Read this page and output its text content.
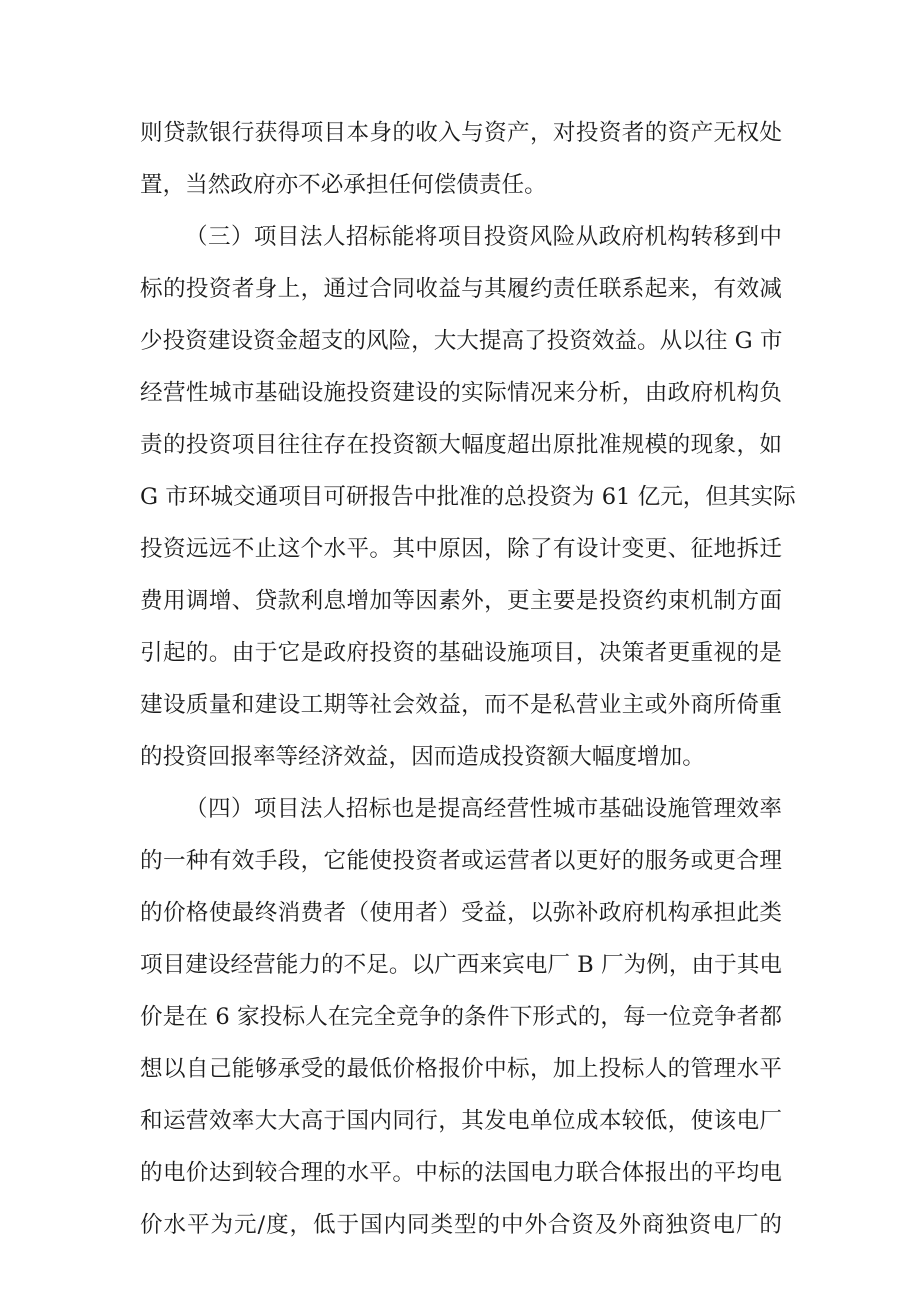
则贷款银行获得项目本身的收入与资产，对投资者的资产无权处
置，当然政府亦不必承担任何偿债责任。
（三）项目法人招标能将项目投资风险从政府机构转移到中
标的投资者身上，通过合同收益与其履约责任联系起来，有效减
少投资建设资金超支的风险，大大提高了投资效益。从以往 G 市
经营性城市基础设施投资建设的实际情况来分析，由政府机构负
责的投资项目往往存在投资额大幅度超出原批准规模的现象，如
G 市环城交通项目可研报告中批准的总投资为 61 亿元，但其实际
投资远远不止这个水平。其中原因，除了有设计变更、征地拆迁
费用调增、贷款利息增加等因素外，更主要是投资约束机制方面
引起的。由于它是政府投资的基础设施项目，决策者更重视的是
建设质量和建设工期等社会效益，而不是私营业主或外商所倚重
的投资回报率等经济效益，因而造成投资额大幅度增加。
（四）项目法人招标也是提高经营性城市基础设施管理效率
的一种有效手段，它能使投资者或运营者以更好的服务或更合理
的价格使最终消费者（使用者）受益，以弥补政府机构承担此类
项目建设经营能力的不足。以广西来宾电厂 B 厂为例，由于其电
价是在 6 家投标人在完全竞争的条件下形式的，每一位竞争者都
想以自己能够承受的最低价格报价中标，加上投标人的管理水平
和运营效率大大高于国内同行，其发电单位成本较低，使该电厂
的电价达到较合理的水平。中标的法国电力联合体报出的平均电
价水平为元/度，低于国内同类型的中外合资及外商独资电厂的
